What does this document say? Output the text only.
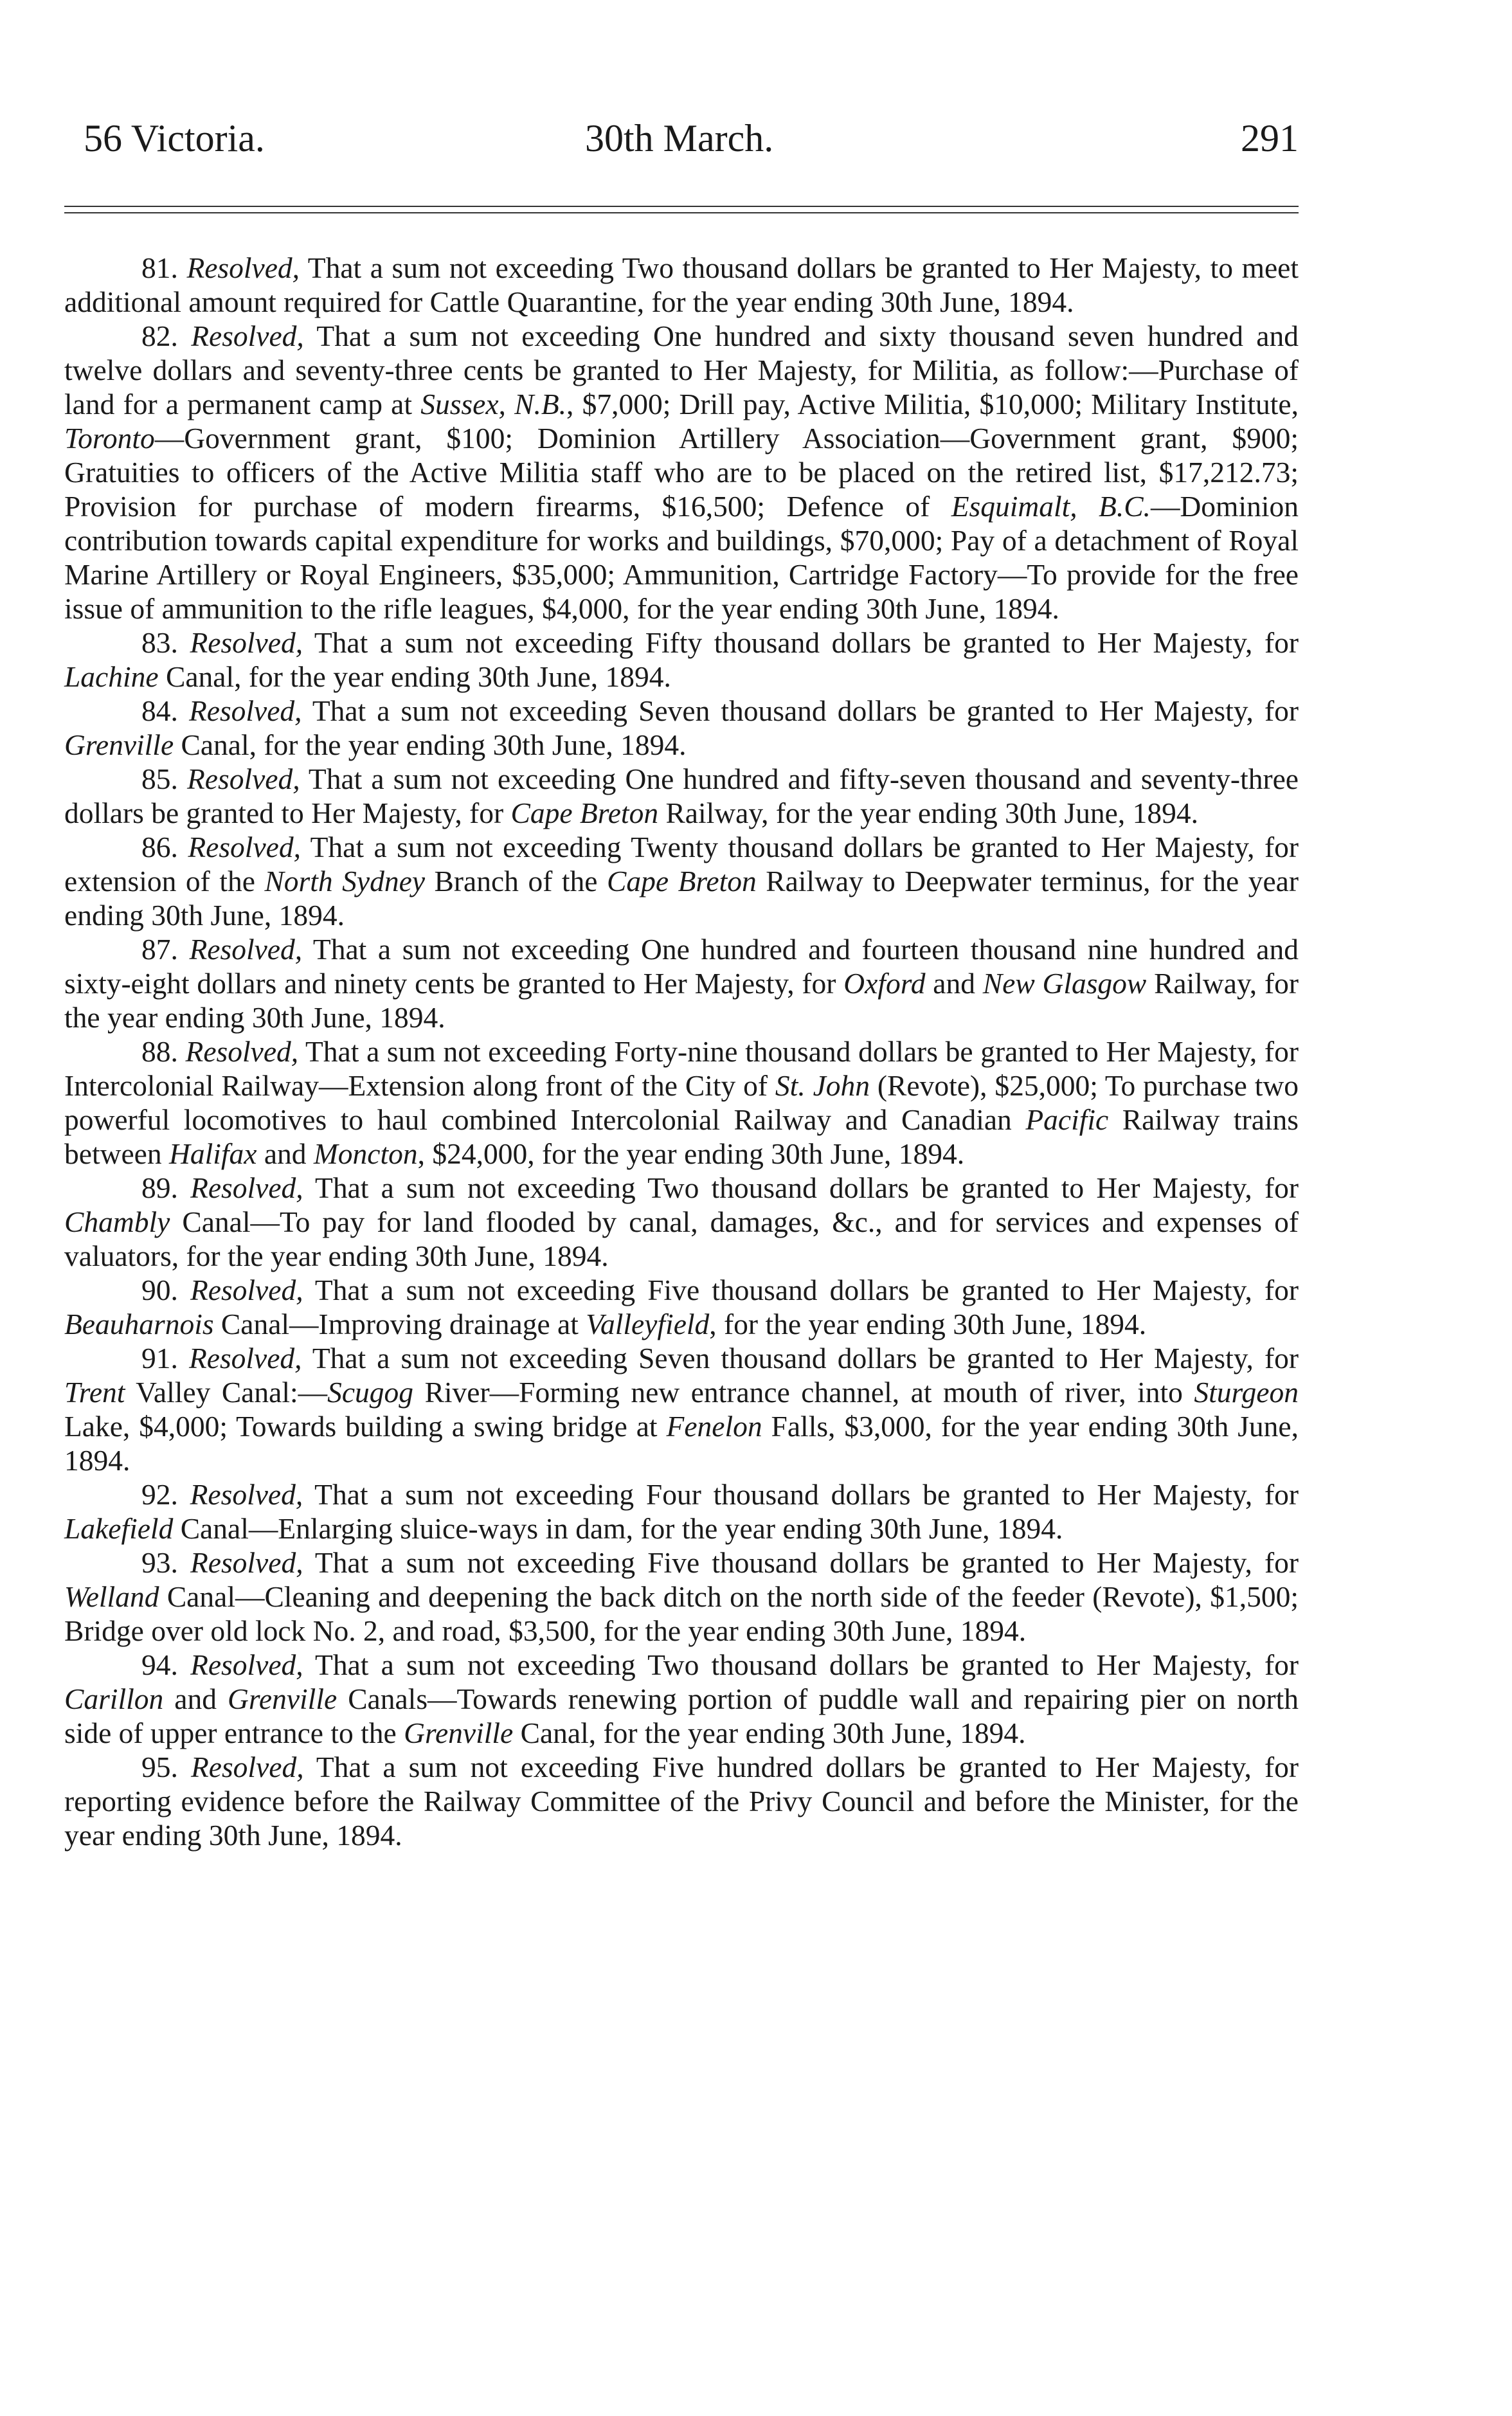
56 Victoria.	30th March.	291

81. Resolved, That a sum not exceeding Two thousand dollars be granted to Her Majesty, to meet additional amount required for Cattle Quarantine, for the year ending 30th June, 1894.

82. Resolved, That a sum not exceeding One hundred and sixty thousand seven hundred and twelve dollars and seventy-three cents be granted to Her Majesty, for Militia, as follow:—Purchase of land for a permanent camp at Sussex, N.B., $7,000; Drill pay, Active Militia, $10,000; Military Institute, Toronto—Government grant, $100; Dominion Artillery Association—Government grant, $900; Gratuities to officers of the Active Militia staff who are to be placed on the retired list, $17,212.73; Provision for purchase of modern firearms, $16,500; Defence of Esquimalt, B.C.—Dominion contribution towards capital expenditure for works and buildings, $70,000; Pay of a detachment of Royal Marine Artillery or Royal Engineers, $35,000; Ammunition, Cartridge Factory—To provide for the free issue of ammunition to the rifle leagues, $4,000, for the year ending 30th June, 1894.

83. Resolved, That a sum not exceeding Fifty thousand dollars be granted to Her Majesty, for Lachine Canal, for the year ending 30th June, 1894.

84. Resolved, That a sum not exceeding Seven thousand dollars be granted to Her Majesty, for Grenville Canal, for the year ending 30th June, 1894.

85. Resolved, That a sum not exceeding One hundred and fifty-seven thousand and seventy-three dollars be granted to Her Majesty, for Cape Breton Railway, for the year ending 30th June, 1894.

86. Resolved, That a sum not exceeding Twenty thousand dollars be granted to Her Majesty, for extension of the North Sydney Branch of the Cape Breton Railway to Deepwater terminus, for the year ending 30th June, 1894.

87. Resolved, That a sum not exceeding One hundred and fourteen thousand nine hundred and sixty-eight dollars and ninety cents be granted to Her Majesty, for Oxford and New Glasgow Railway, for the year ending 30th June, 1894.

88. Resolved, That a sum not exceeding Forty-nine thousand dollars be granted to Her Majesty, for Intercolonial Railway—Extension along front of the City of St. John (Revote), $25,000; To purchase two powerful locomotives to haul combined Intercolonial Railway and Canadian Pacific Railway trains between Halifax and Moncton, $24,000, for the year ending 30th June, 1894.

89. Resolved, That a sum not exceeding Two thousand dollars be granted to Her Majesty, for Chambly Canal—To pay for land flooded by canal, damages, &c., and for services and expenses of valuators, for the year ending 30th June, 1894.

90. Resolved, That a sum not exceeding Five thousand dollars be granted to Her Majesty, for Beauharnois Canal—Improving drainage at Valleyfield, for the year ending 30th June, 1894.

91. Resolved, That a sum not exceeding Seven thousand dollars be granted to Her Majesty, for Trent Valley Canal:—Scugog River—Forming new entrance channel, at mouth of river, into Sturgeon Lake, $4,000; Towards building a swing bridge at Fenelon Falls, $3,000, for the year ending 30th June, 1894.

92. Resolved, That a sum not exceeding Four thousand dollars be granted to Her Majesty, for Lakefield Canal—Enlarging sluice-ways in dam, for the year ending 30th June, 1894.

93. Resolved, That a sum not exceeding Five thousand dollars be granted to Her Majesty, for Welland Canal—Cleaning and deepening the back ditch on the north side of the feeder (Revote), $1,500; Bridge over old lock No. 2, and road, $3,500, for the year ending 30th June, 1894.

94. Resolved, That a sum not exceeding Two thousand dollars be granted to Her Majesty, for Carillon and Grenville Canals—Towards renewing portion of puddle wall and repairing pier on north side of upper entrance to the Grenville Canal, for the year ending 30th June, 1894.

95. Resolved, That a sum not exceeding Five hundred dollars be granted to Her Majesty, for reporting evidence before the Railway Committee of the Privy Council and before the Minister, for the year ending 30th June, 1894.
